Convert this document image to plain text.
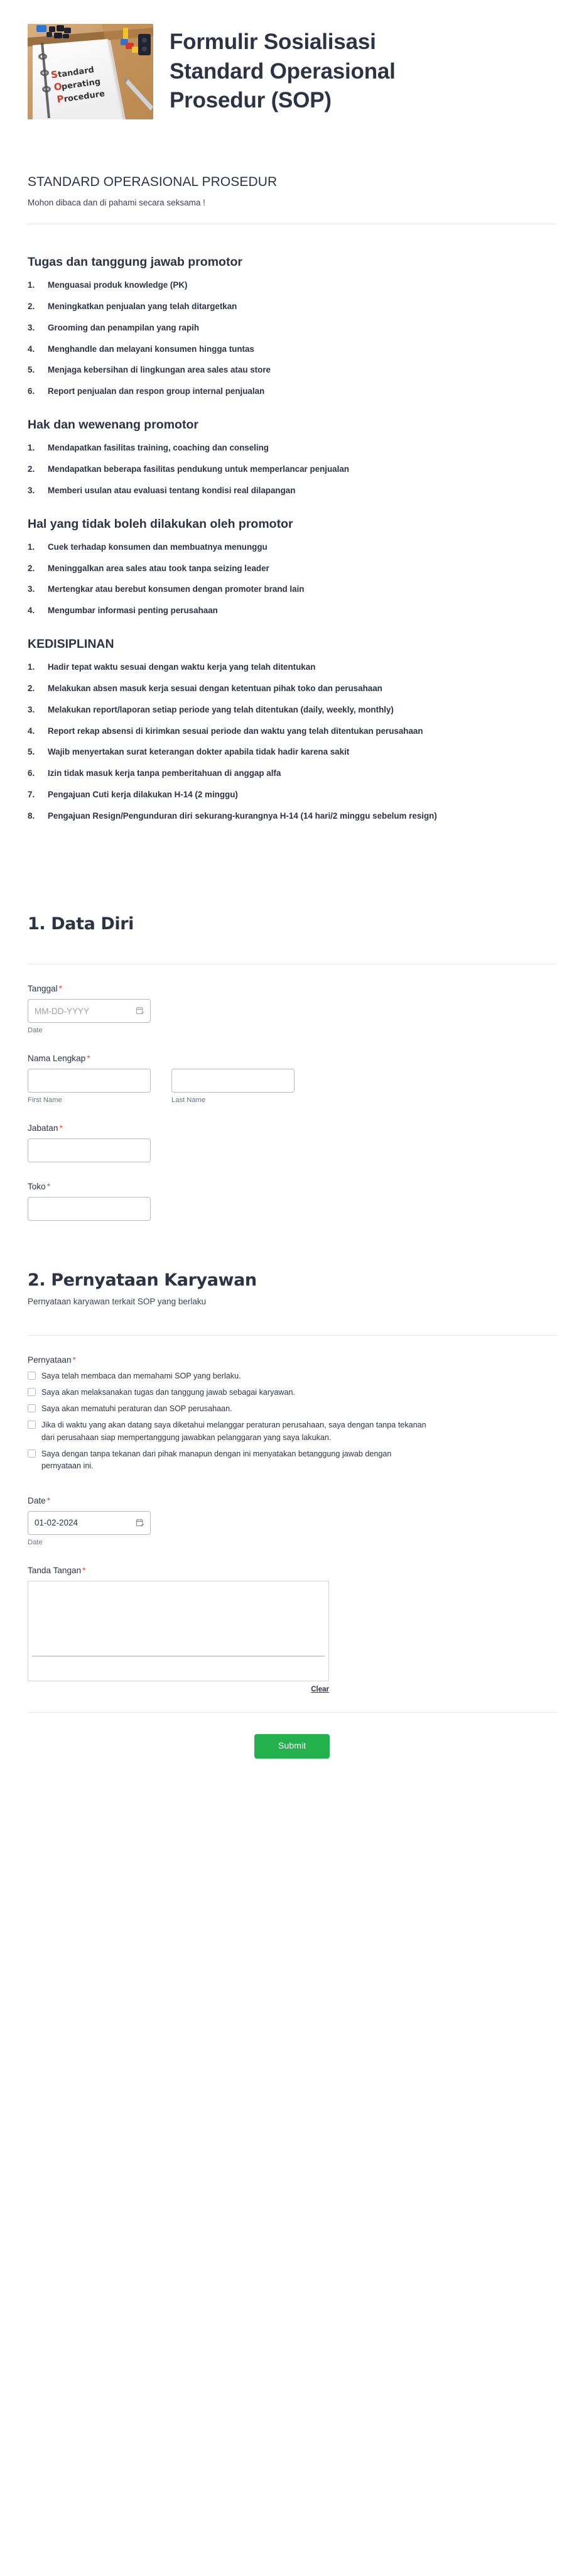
S
tandard
O
perating
P
rocedure
Formulir Sosialisasi Standard Operasional Prosedur (SOP)
STANDARD OPERASIONAL PROSEDUR
Mohon dibaca dan di pahami secara seksama !
Tugas dan tanggung jawab promotor
1.	Menguasai produk knowledge (PK)
2.	Meningkatkan penjualan yang telah ditargetkan
3.	Grooming dan penampilan yang rapih
4.	Menghandle dan melayani konsumen hingga tuntas
5.	Menjaga kebersihan di lingkungan area sales atau store
6.	Report penjualan dan respon group internal penjualan
Hak dan wewenang promotor
1.	Mendapatkan fasilitas training, coaching dan conseling
2.	Mendapatkan beberapa fasilitas pendukung untuk memperlancar penjualan
3.	Memberi usulan atau evaluasi tentang kondisi real dilapangan
Hal yang tidak boleh dilakukan oleh promotor
1.	Cuek terhadap konsumen dan membuatnya menunggu
2.	Meninggalkan area sales atau took tanpa seizing leader
3.	Mertengkar atau berebut konsumen dengan promoter brand lain
4.	Mengumbar informasi penting perusahaan
KEDISIPLINAN
1.	Hadir tepat waktu sesuai dengan waktu kerja yang telah ditentukan
2.	Melakukan absen masuk kerja sesuai dengan ketentuan pihak toko dan perusahaan
3.	Melakukan report/laporan setiap periode yang telah ditentukan (daily, weekly, monthly)
4.	Report rekap absensi di kirimkan sesuai periode dan waktu yang telah ditentukan perusahaan
5.	Wajib menyertakan surat keterangan dokter apabila tidak hadir karena sakit
6.	Izin tidak masuk kerja tanpa pemberitahuan di anggap alfa
7.	Pengajuan Cuti kerja dilakukan H-14 (2 minggu)
8.	Pengajuan Resign/Pengunduran diri sekurang-kurangnya H-14 (14 hari/2 minggu sebelum resign)
1. Data Diri
Tanggal *
MM-DD-YYYY
Date
Nama Lengkap *
First Name	Last Name
Jabatan *
Toko *
2. Pernyataan Karyawan
Pernyataan karyawan terkait SOP yang berlaku
Pernyataan *
Saya telah membaca dan memahami SOP yang berlaku.
Saya akan melaksanakan tugas dan tanggung jawab sebagai karyawan.
Saya akan mematuhi peraturan dan SOP perusahaan.
Jika di waktu yang akan datang saya diketahui melanggar peraturan perusahaan, saya dengan tanpa tekanan dari perusahaan siap mempertanggung jawabkan pelanggaran yang saya lakukan.
Saya dengan tanpa tekanan dari pihak manapun dengan ini menyatakan betanggung jawab dengan pernyataan ini.
Date *
01-02-2024
Date
Tanda Tangan *
Clear
Submit
